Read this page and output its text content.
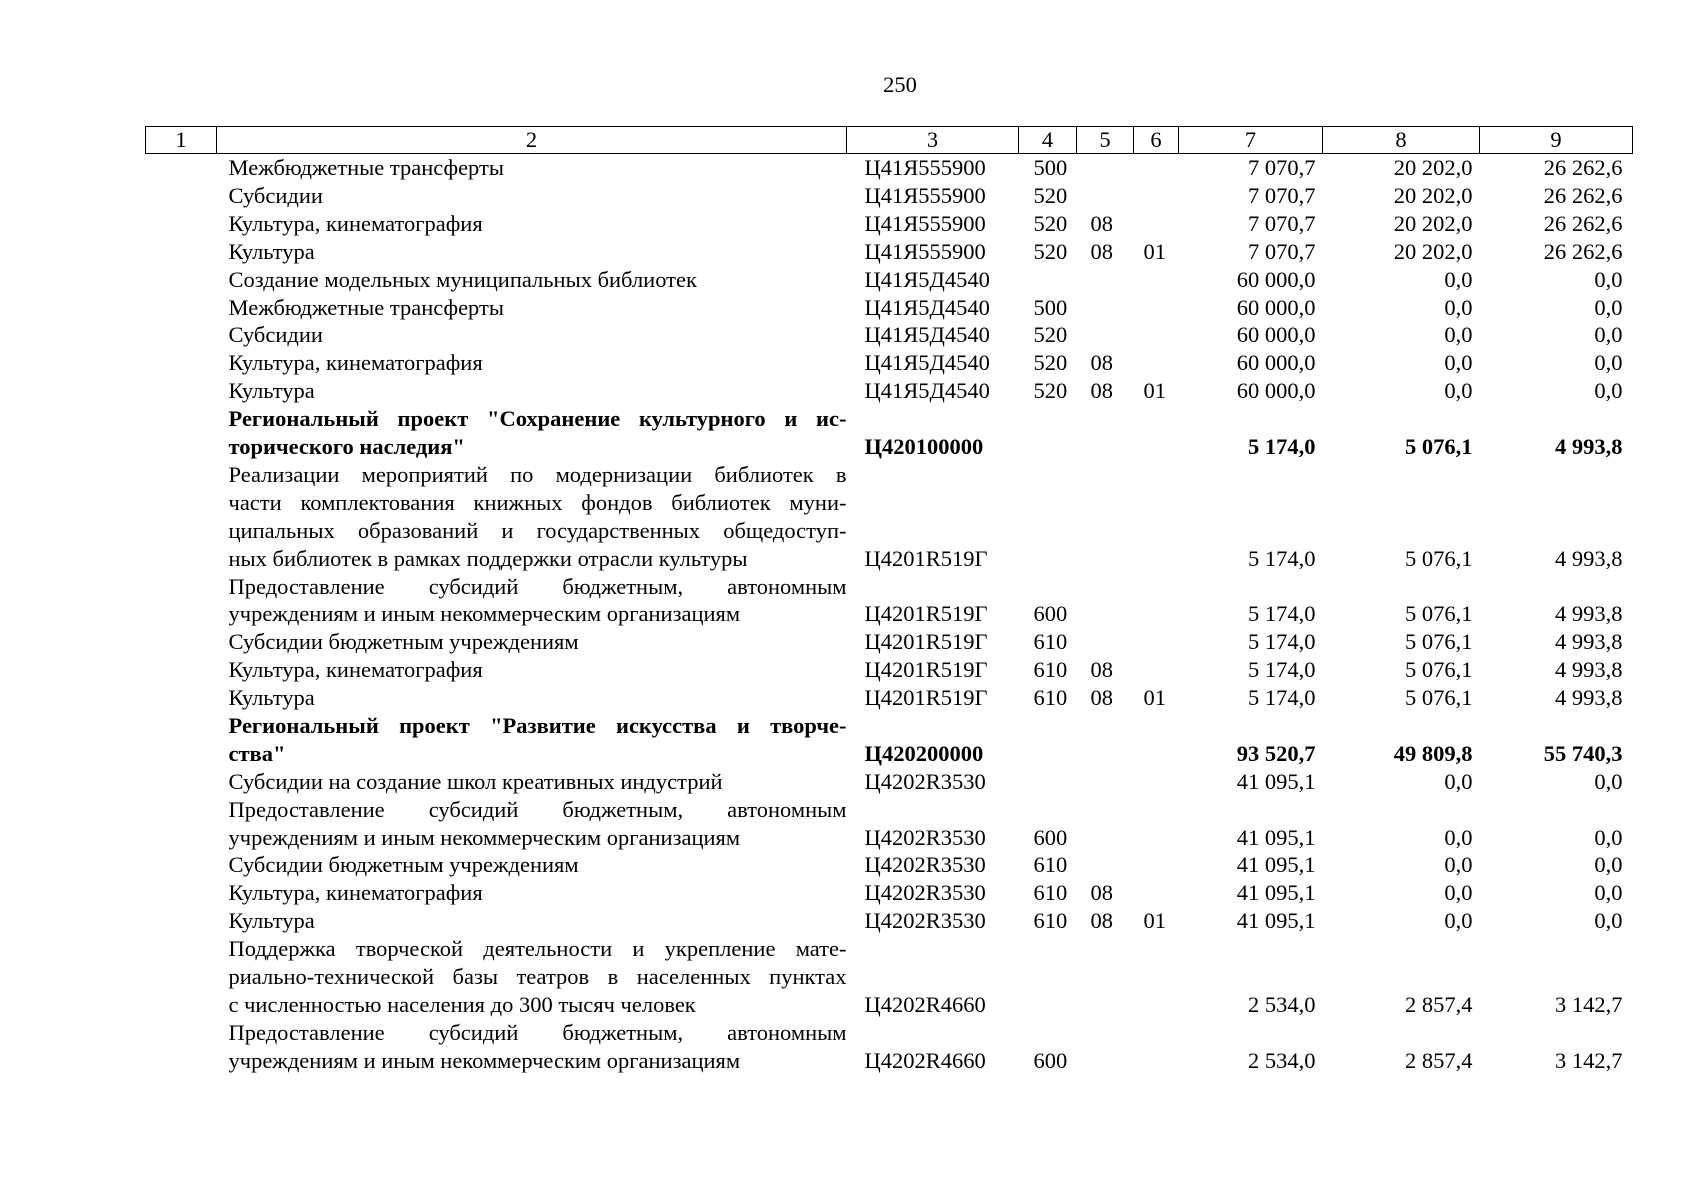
250
1	2	3	4	5	6	7	8	9

	Межбюджетные трансферты	Ц41Я555900	500			7 070,7	20 202,0	26 262,6

	Субсидии	Ц41Я555900	520			7 070,7	20 202,0	26 262,6

	Культура, кинематография	Ц41Я555900	520	08		7 070,7	20 202,0	26 262,6

	Культура	Ц41Я555900	520	08	01	7 070,7	20 202,0	26 262,6

	Создание модельных муниципальных библиотек	Ц41Я5Д4540				60 000,0	0,0	0,0

	Межбюджетные трансферты	Ц41Я5Д4540	500			60 000,0	0,0	0,0

	Субсидии	Ц41Я5Д4540	520			60 000,0	0,0	0,0

	Культура, кинематография	Ц41Я5Д4540	520	08		60 000,0	0,0	0,0

	Культура	Ц41Я5Д4540	520	08	01	60 000,0	0,0	0,0

	Региональный проект "Сохранение культурного и ис-
торического наследия"	Ц420100000				5 174,0	5 076,1	4 993,8

	Реализации мероприятий по модернизации библиотек в
части комплектования книжных фондов библиотек муни-
ципальных образований и государственных общедоступ-
ных библиотек в рамках поддержки отрасли культуры	Ц4201R519Г				5 174,0	5 076,1	4 993,8

	Предоставление субсидий бюджетным, автономным
учреждениям и иным некоммерческим организациям	Ц4201R519Г	600			5 174,0	5 076,1	4 993,8

	Субсидии бюджетным учреждениям	Ц4201R519Г	610			5 174,0	5 076,1	4 993,8

	Культура, кинематография	Ц4201R519Г	610	08		5 174,0	5 076,1	4 993,8

	Культура	Ц4201R519Г	610	08	01	5 174,0	5 076,1	4 993,8

	Региональный проект "Развитие искусства и творче-
ства"	Ц420200000				93 520,7	49 809,8	55 740,3

	Субсидии на создание школ креативных индустрий	Ц4202R3530				41 095,1	0,0	0,0

	Предоставление субсидий бюджетным, автономным
учреждениям и иным некоммерческим организациям	Ц4202R3530	600			41 095,1	0,0	0,0

	Субсидии бюджетным учреждениям	Ц4202R3530	610			41 095,1	0,0	0,0

	Культура, кинематография	Ц4202R3530	610	08		41 095,1	0,0	0,0

	Культура	Ц4202R3530	610	08	01	41 095,1	0,0	0,0

	Поддержка творческой деятельности и укрепление мате-
риально-технической базы театров в населенных пунктах
с численностью населения до 300 тысяч человек	Ц4202R4660				2 534,0	2 857,4	3 142,7

	Предоставление субсидий бюджетным, автономным
учреждениям и иным некоммерческим организациям	Ц4202R4660	600			2 534,0	2 857,4	3 142,7
